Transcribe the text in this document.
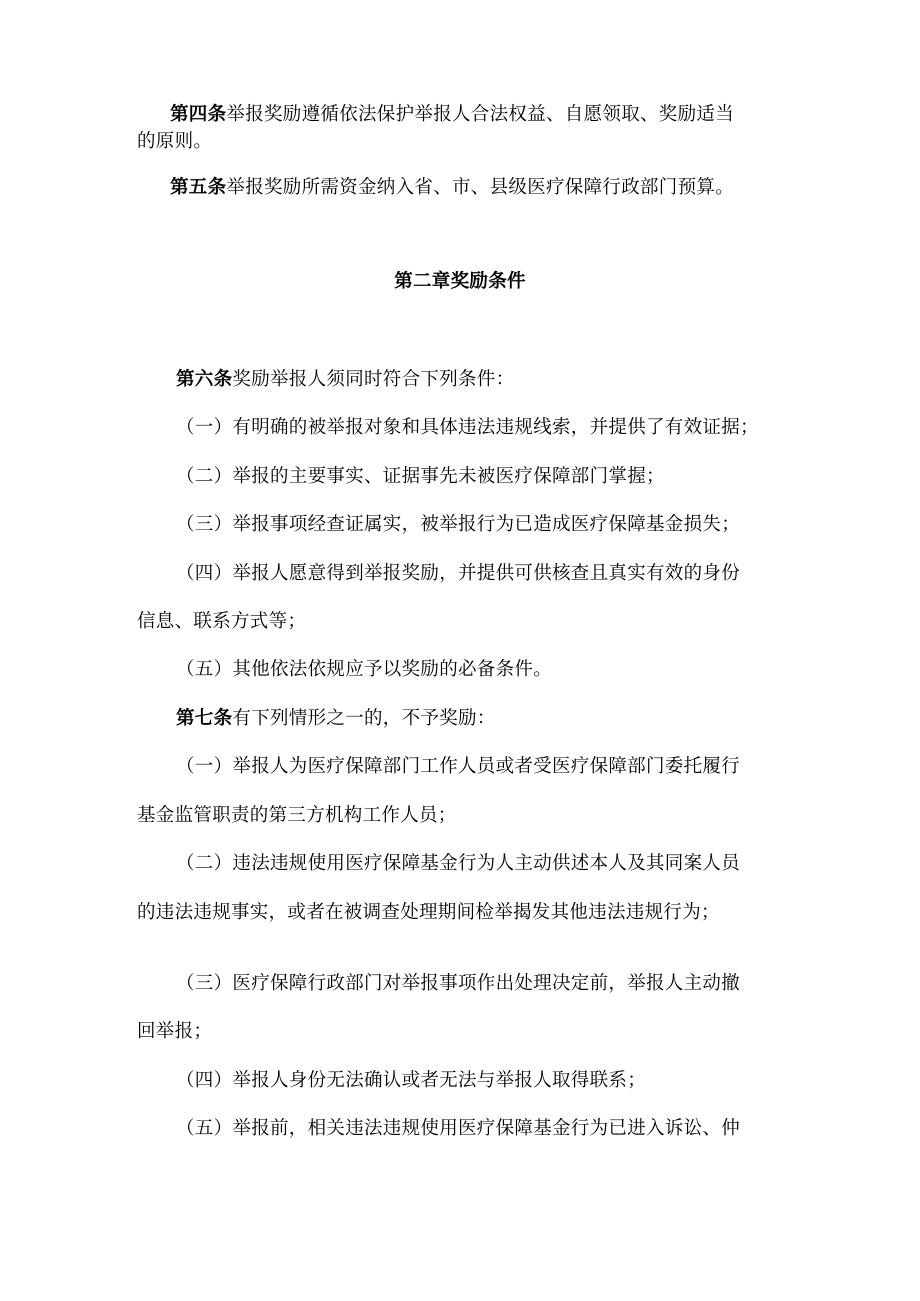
第四条举报奖励遵循依法保护举报人合法权益、自愿领取、奖励适当
的原则。
第五条举报奖励所需资金纳入省、市、县级医疗保障行政部门预算。
第二章奖励条件
第六条奖励举报人须同时符合下列条件：
（一）有明确的被举报对象和具体违法违规线索，并提供了有效证据；
（二）举报的主要事实、证据事先未被医疗保障部门掌握；
（三）举报事项经查证属实，被举报行为已造成医疗保障基金损失；
（四）举报人愿意得到举报奖励，并提供可供核查且真实有效的身份
信息、联系方式等；
（五）其他依法依规应予以奖励的必备条件。
第七条有下列情形之一的，不予奖励：
（一）举报人为医疗保障部门工作人员或者受医疗保障部门委托履行
基金监管职责的第三方机构工作人员；
（二）违法违规使用医疗保障基金行为人主动供述本人及其同案人员
的违法违规事实，或者在被调查处理期间检举揭发其他违法违规行为；
（三）医疗保障行政部门对举报事项作出处理决定前，举报人主动撤
回举报；
（四）举报人身份无法确认或者无法与举报人取得联系；
（五）举报前，相关违法违规使用医疗保障基金行为已进入诉讼、仲
